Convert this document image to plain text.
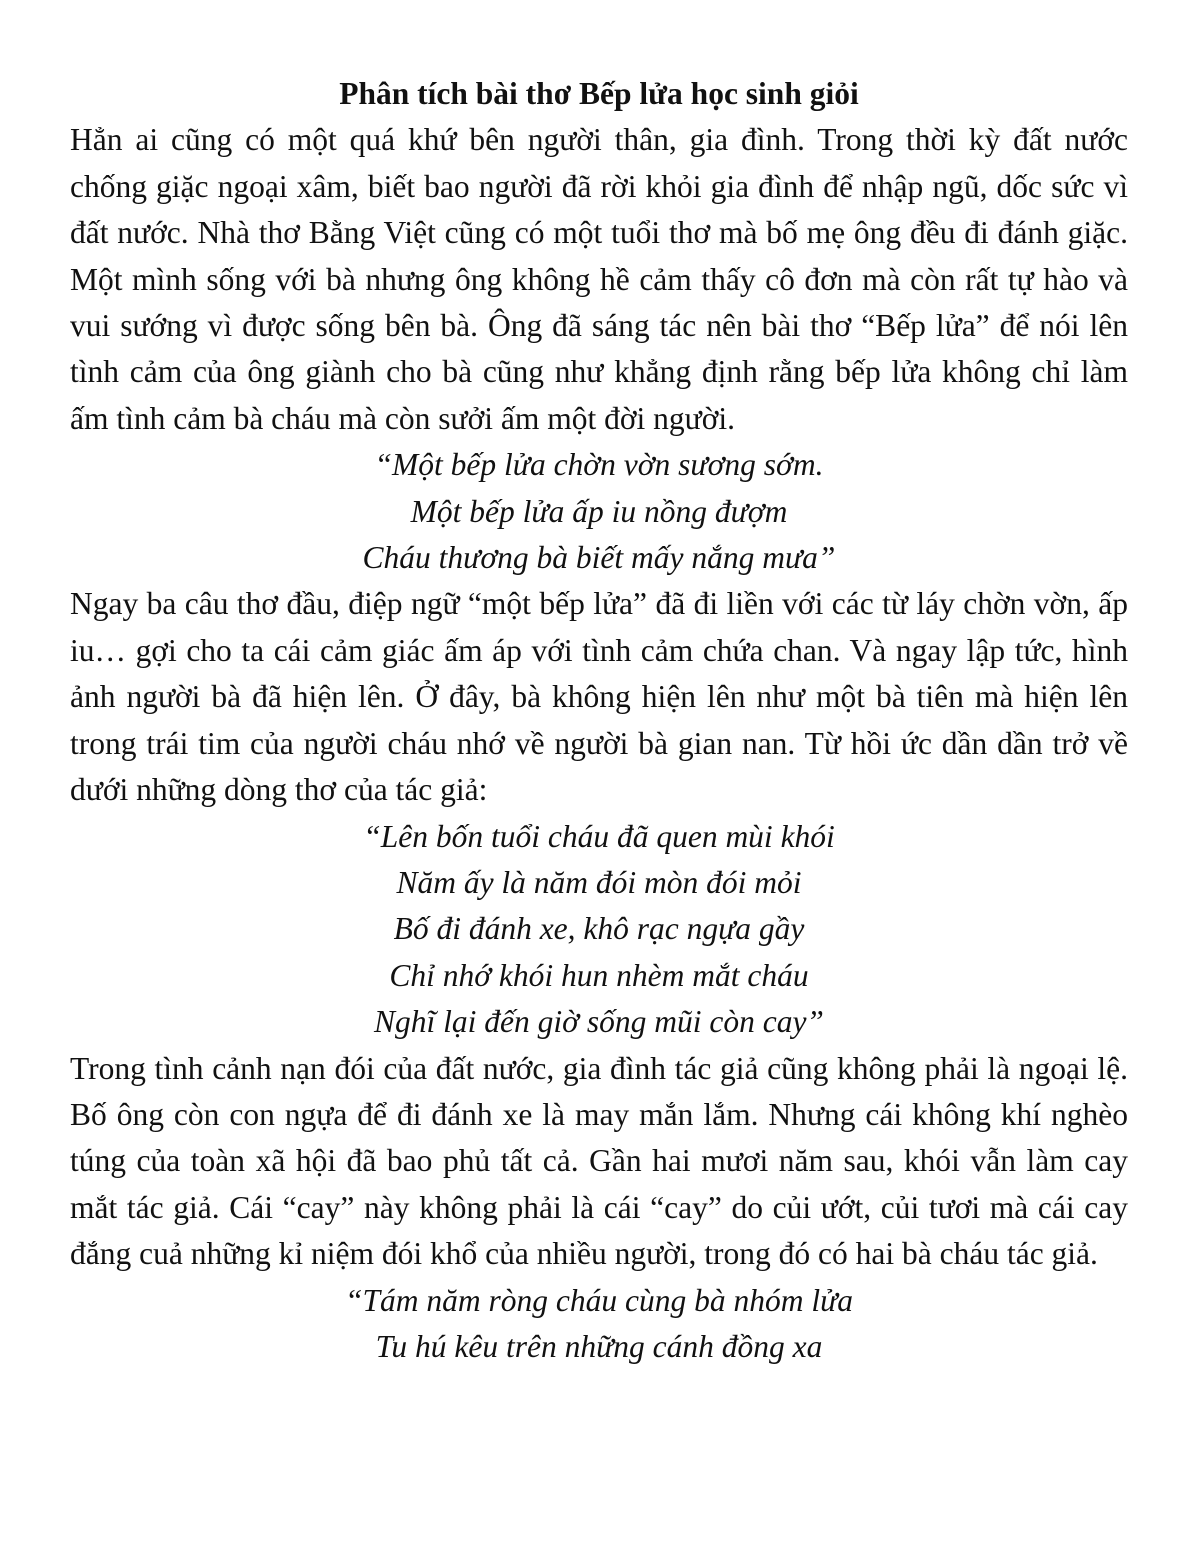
Phân tích bài thơ Bếp lửa học sinh giỏi

Hẳn ai cũng có một quá khứ bên người thân, gia đình. Trong thời kỳ đất nước chống giặc ngoại xâm, biết bao người đã rời khỏi gia đình để nhập ngũ, dốc sức vì đất nước. Nhà thơ Bằng Việt cũng có một tuổi thơ mà bố mẹ ông đều đi đánh giặc. Một mình sống với bà nhưng ông không hề cảm thấy cô đơn mà còn rất tự hào và vui sướng vì được sống bên bà. Ông đã sáng tác nên bài thơ “Bếp lửa” để nói lên tình cảm của ông giành cho bà cũng như khẳng định rằng bếp lửa không chỉ làm ấm tình cảm bà cháu mà còn sưởi ấm một đời người.

“Một bếp lửa chờn vờn sương sớm.
Một bếp lửa ấp iu nồng đượm
Cháu thương bà biết mấy nắng mưa”

Ngay ba câu thơ đầu, điệp ngữ “một bếp lửa” đã đi liền với các từ láy chờn vờn, ấp iu… gợi cho ta cái cảm giác ấm áp với tình cảm chứa chan. Và ngay lập tức, hình ảnh người bà đã hiện lên. Ở đây, bà không hiện lên như một bà tiên mà hiện lên trong trái tim của người cháu nhớ về người bà gian nan. Từ hồi ức dần dần trở về dưới những dòng thơ của tác giả:

“Lên bốn tuổi cháu đã quen mùi khói
Năm ấy là năm đói mòn đói mỏi
Bố đi đánh xe, khô rạc ngựa gầy
Chỉ nhớ khói hun nhèm mắt cháu
Nghĩ lại đến giờ sống mũi còn cay”

Trong tình cảnh nạn đói của đất nước, gia đình tác giả cũng không phải là ngoại lệ. Bố ông còn con ngựa để đi đánh xe là may mắn lắm. Nhưng cái không khí nghèo túng của toàn xã hội đã bao phủ tất cả. Gần hai mươi năm sau, khói vẫn làm cay mắt tác giả. Cái “cay” này không phải là cái “cay” do củi ướt, củi tươi mà cái cay đắng cuả những kỉ niệm đói khổ của nhiều người, trong đó có hai bà cháu tác giả.

“Tám năm ròng cháu cùng bà nhóm lửa
Tu hú kêu trên những cánh đồng xa
